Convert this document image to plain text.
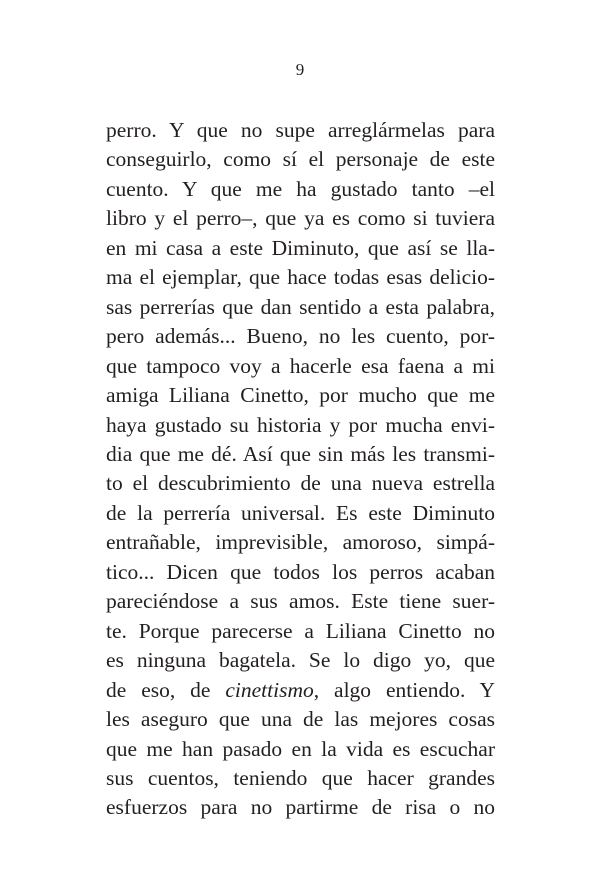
9
perro. Y que no supe arreglármelas para
conseguirlo, como sí el personaje de este
cuento. Y que me ha gustado tanto –el
libro y el perro–, que ya es como si tuviera
en mi casa a este Diminuto, que así se lla-
ma el ejemplar, que hace todas esas delicio-
sas perrerías que dan sentido a esta palabra,
pero además... Bueno, no les cuento, por-
que tampoco voy a hacerle esa faena a mi
amiga Liliana Cinetto, por mucho que me
haya gustado su historia y por mucha envi-
dia que me dé. Así que sin más les transmi-
to el descubrimiento de una nueva estrella
de la perrería universal. Es este Diminuto
entrañable, imprevisible, amoroso, simpá-
tico... Dicen que todos los perros acaban
pareciéndose a sus amos. Este tiene suer-
te. Porque parecerse a Liliana Cinetto no
es ninguna bagatela. Se lo digo yo, que
de eso, de cinettismo, algo entiendo. Y
les aseguro que una de las mejores cosas
que me han pasado en la vida es escuchar
sus cuentos, teniendo que hacer grandes
esfuerzos para no partirme de risa o no
